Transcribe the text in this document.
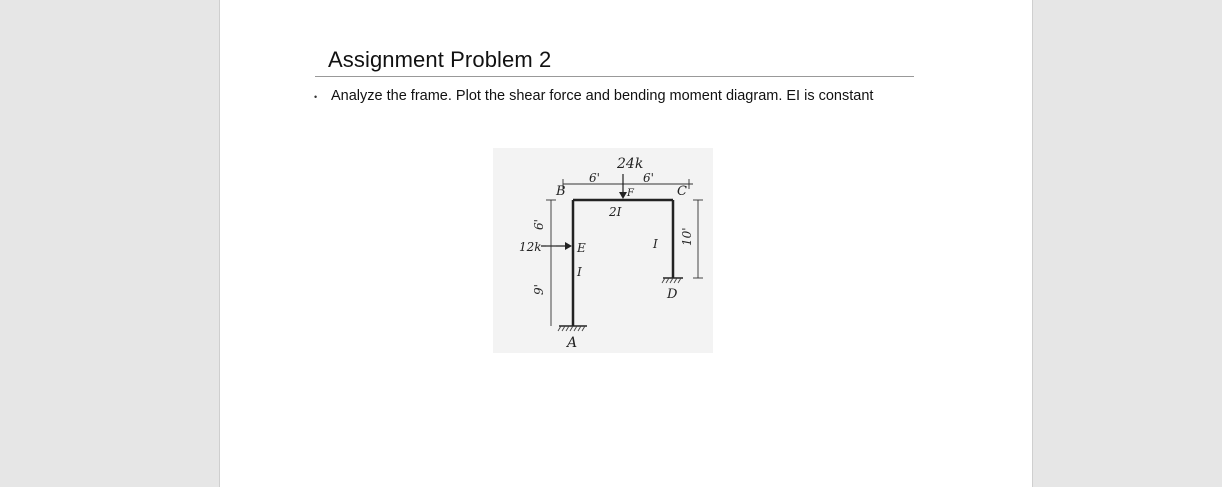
Assignment Problem 2
• Analyze the frame. Plot the shear force and bending moment diagram. EI is constant
24k
6'	6'
B	C
F
2I
E	I
I
12k
6'
9'
10'
D
A
